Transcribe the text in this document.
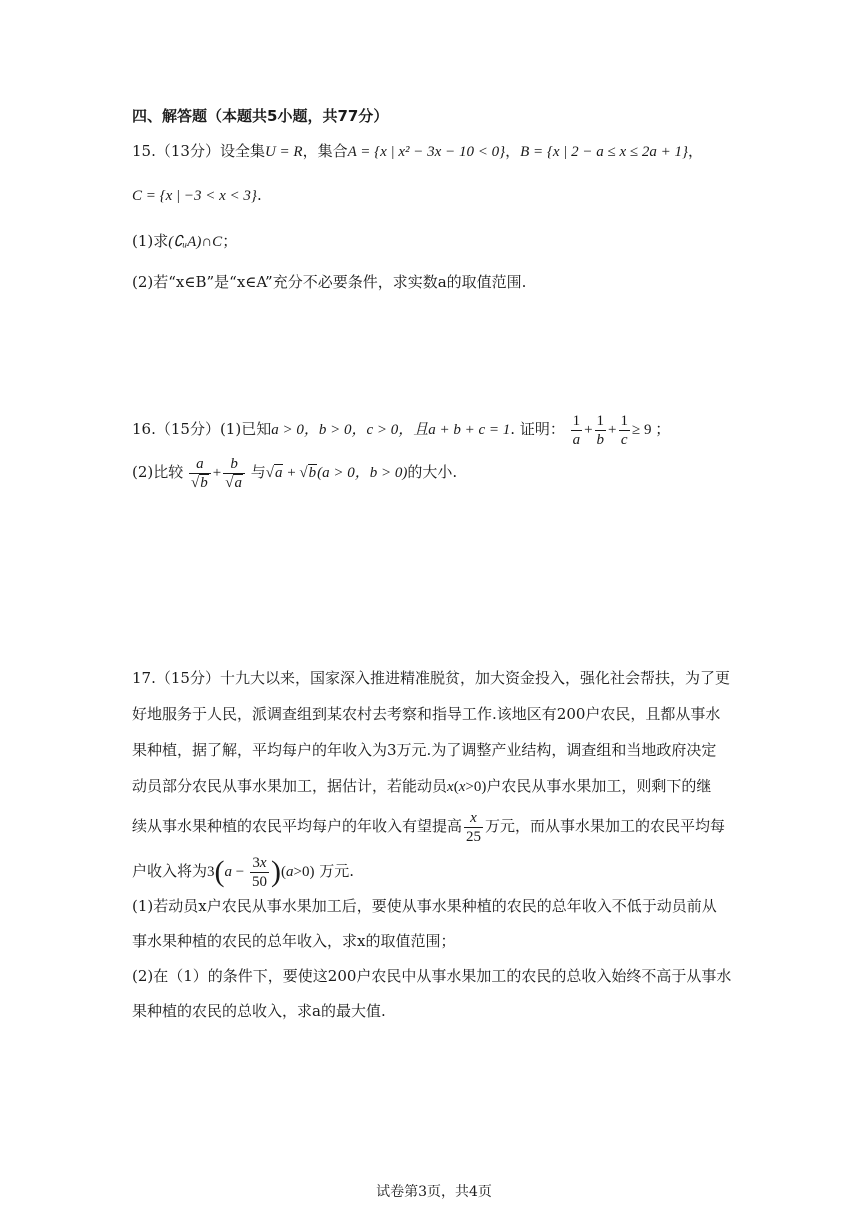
四、解答题（本题共5小题，共77分）
15.（13分）设全集U = R，集合A = {x | x² − 3x − 10 < 0}，B = {x | 2 − a ≤ x ≤ 2a + 1}，
C = {x | −3 < x < 3}.
(1)求(∁ᵤA)∩C；
(2)若“x∈B”是“x∈A”充分不必要条件，求实数a的取值范围.
16.（15分）(1)已知a > 0，b > 0，c > 0，且a + b + c = 1. 证明： $\frac{1}{a} + \frac{1}{b} + \frac{1}{c} \ge 9$ ；
(2)比较 $\frac{a}{√b} + \frac{b}{√a}$ 与√a + √b(a > 0，b > 0)的大小.
17.（15分）十九大以来，国家深入推进精准脱贫，加大资金投入，强化社会帮扶，为了更
好地服务于人民，派调查组到某农村去考察和指导工作.该地区有200户农民，且都从事水
果种植，据了解，平均每户的年收入为3万元.为了调整产业结构，调查组和当地政府决定
动员部分农民从事水果加工，据估计，若能动员x(x>0)户农民从事水果加工，则剩下的继
续从事水果种植的农民平均每户的年收入有望提高 $\frac{x}{25}$ 万元，而从事水果加工的农民平均每
户收入将为$3(a - \frac{3x}{50} )(a>0)$ 万元.
(1)若动员x户农民从事水果加工后，要使从事水果种植的农民的总年收入不低于动员前从
事水果种植的农民的总年收入，求x的取值范围；
(2)在（1）的条件下，要使这200户农民中从事水果加工的农民的总收入始终不高于从事水
果种植的农民的总收入，求a的最大值.
试卷第3页，共4页
